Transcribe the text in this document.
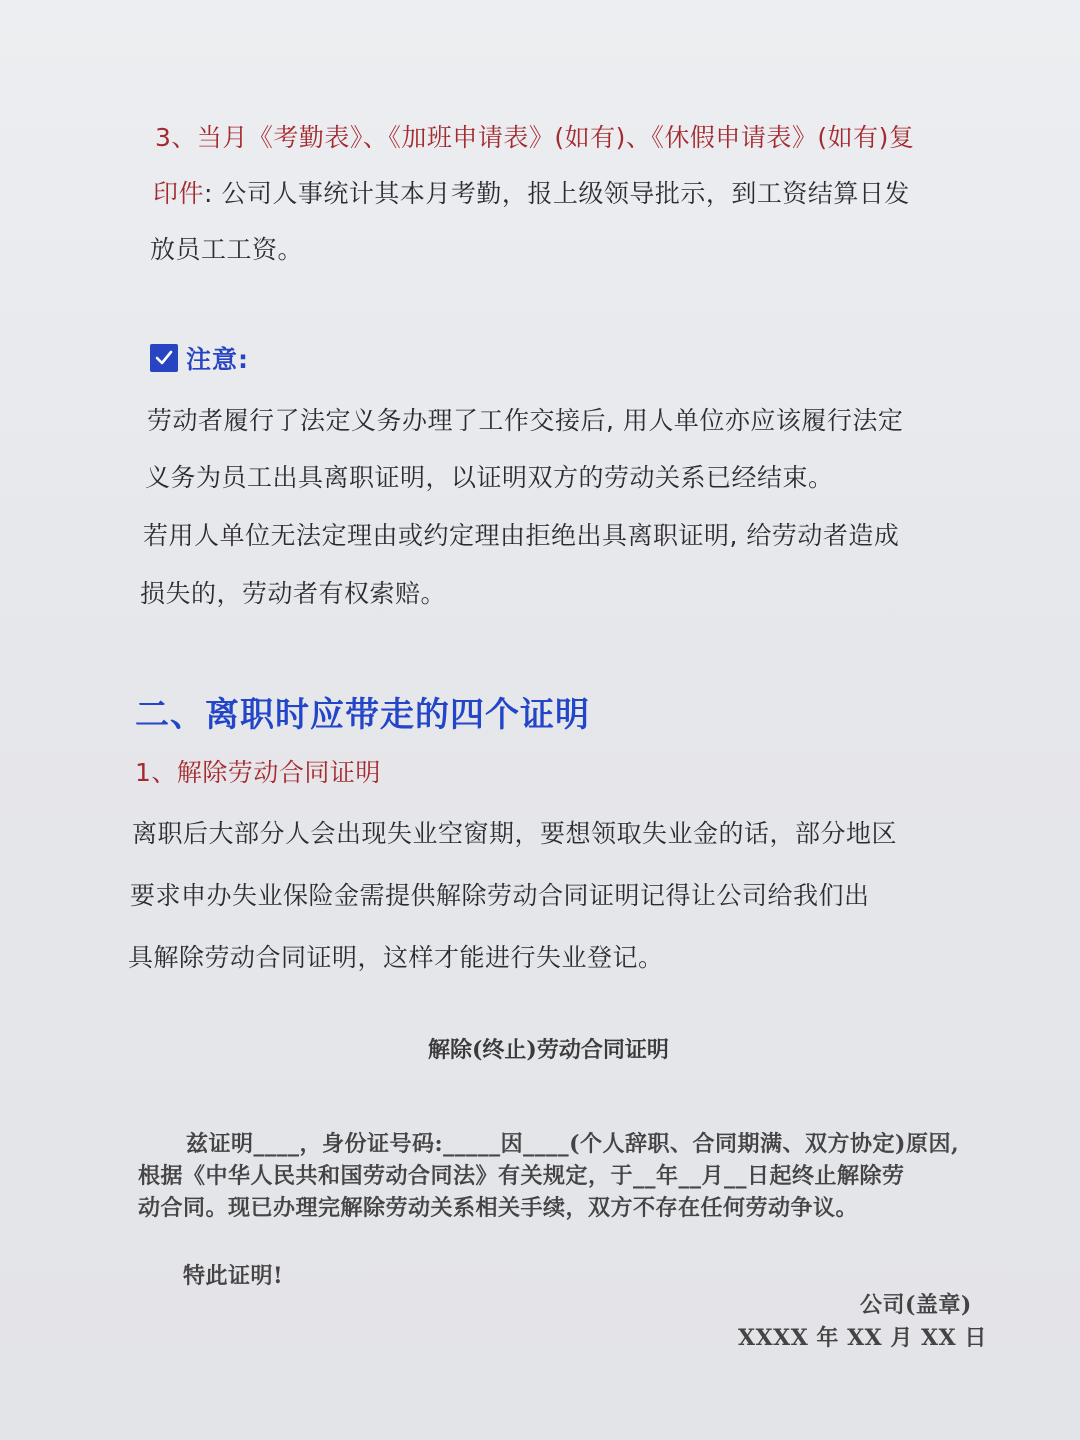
3、当月《考勤表》、《加班申请表》(如有)、《休假申请表》(如有)复
印件: 公司人事统计其本月考勤，报上级领导批示，到工资结算日发
放员工工资。
注意:
劳动者履行了法定义务办理了工作交接后, 用人单位亦应该履行法定
义务为员工出具离职证明，以证明双方的劳动关系已经结束。
若用人单位无法定理由或约定理由拒绝出具离职证明, 给劳动者造成
损失的，劳动者有权索赔。
二、离职时应带走的四个证明
1、解除劳动合同证明
离职后大部分人会出现失业空窗期，要想领取失业金的话，部分地区
要求申办失业保险金需提供解除劳动合同证明记得让公司给我们出
具解除劳动合同证明，这样才能进行失业登记。
解除(终止)劳动合同证明
兹证明____，身份证号码:_____因____(个人辞职、合同期满、双方协定)原因,
根据《中华人民共和国劳动合同法》有关规定，于__年__月__日起终止解除劳
动合同。现已办理完解除劳动关系相关手续，双方不存在任何劳动争议。
特此证明!
公司(盖章)
XXXX 年 XX 月 XX 日
